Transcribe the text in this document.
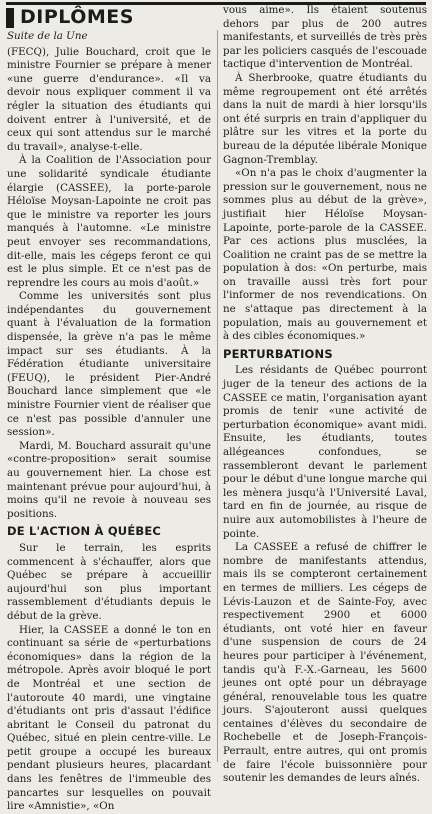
DIPLÔMES
Suite de la Une

(FECQ), Julie Bouchard, croit que le ministre Fournier se prépare à mener «une guerre d'endurance». «Il va devoir nous expliquer comment il va régler la situation des étudiants qui doivent entrer à l'université, et de ceux qui sont attendus sur le marché du travail», analyse-t-elle.

À la Coalition de l'Association pour une solidarité syndicale étudiante élargie (CASSEE), la porte-parole Héloïse Moysan-Lapointe ne croit pas que le ministre va reporter les jours manqués à l'automne. «Le ministre peut envoyer ses recommandations, dit-elle, mais les cégeps feront ce qui est le plus simple. Et ce n'est pas de reprendre les cours au mois d'août.»

Comme les universités sont plus indépendantes du gouvernement quant à l'évaluation de la formation dispensée, la grève n'a pas le même impact sur ses étudiants. À la Fédération étudiante universitaire (FEUQ), le président Pier-André Bouchard lance simplement que «le ministre Fournier vient de réaliser que ce n'est pas possible d'annuler une session».

Mardi, M. Bouchard assurait qu'une «contre-proposition» serait soumise au gouvernement hier. La chose est maintenant prévue pour aujourd'hui, à moins qu'il ne revoie à nouveau ses positions.

DE L'ACTION À QUÉBEC

Sur le terrain, les esprits commencent à s'échauffer, alors que Québec se prépare à accueillir aujourd'hui son plus important rassemblement d'étudiants depuis le début de la grève.

Hier, la CASSEE a donné le ton en continuant sa série de «perturbations économiques» dans la région de la métropole. Après avoir bloqué le port de Montréal et une section de l'autoroute 40 mardi, une vingtaine d'étudiants ont pris d'assaut l'édifice abritant le Conseil du patronat du Québec, situé en plein centre-ville. Le petit groupe a occupé les bureaux pendant plusieurs heures, placardant dans les fenêtres de l'immeuble des pancartes sur lesquelles on pouvait lire «Amnistie», «On

vous aime». Ils étaient soutenus dehors par plus de 200 autres manifestants, et surveillés de très près par les policiers casqués de l'escouade tactique d'intervention de Montréal.

À Sherbrooke, quatre étudiants du même regroupement ont été arrêtés dans la nuit de mardi à hier lorsqu'ils ont été surpris en train d'appliquer du plâtre sur les vitres et la porte du bureau de la députée libérale Monique Gagnon-Tremblay.

«On n'a pas le choix d'augmenter la pression sur le gouvernement, nous ne sommes plus au début de la grève», justifiait hier Héloïse Moysan-Lapointe, porte-parole de la CASSEE. Par ces actions plus musclées, la Coalition ne craint pas de se mettre la population à dos: «On perturbe, mais on travaille aussi très fort pour l'informer de nos revendications. On ne s'attaque pas directement à la population, mais au gouvernement et à des cibles économiques.»

PERTURBATIONS

Les résidants de Québec pourront juger de la teneur des actions de la CASSEE ce matin, l'organisation ayant promis de tenir «une activité de perturbation économique» avant midi. Ensuite, les étudiants, toutes allégeances confondues, se rassembleront devant le parlement pour le début d'une longue marche qui les mènera jusqu'à l'Université Laval, tard en fin de journée, au risque de nuire aux automobilistes à l'heure de pointe.

La CASSEE a refusé de chiffrer le nombre de manifestants attendus, mais ils se compteront certainement en termes de milliers. Les cégeps de Lévis-Lauzon et de Sainte-Foy, avec respectivement 2900 et 6000 étudiants, ont voté hier en faveur d'une suspension de cours de 24 heures pour participer à l'événement, tandis qu'à F.-X.-Garneau, les 5600 jeunes ont opté pour un débrayage général, renouvelable tous les quatre jours. S'ajouteront aussi quelques centaines d'élèves du secondaire de Rochebelle et de Joseph-François-Perrault, entre autres, qui ont promis de faire l'école buissonnière pour soutenir les demandes de leurs aînés.
